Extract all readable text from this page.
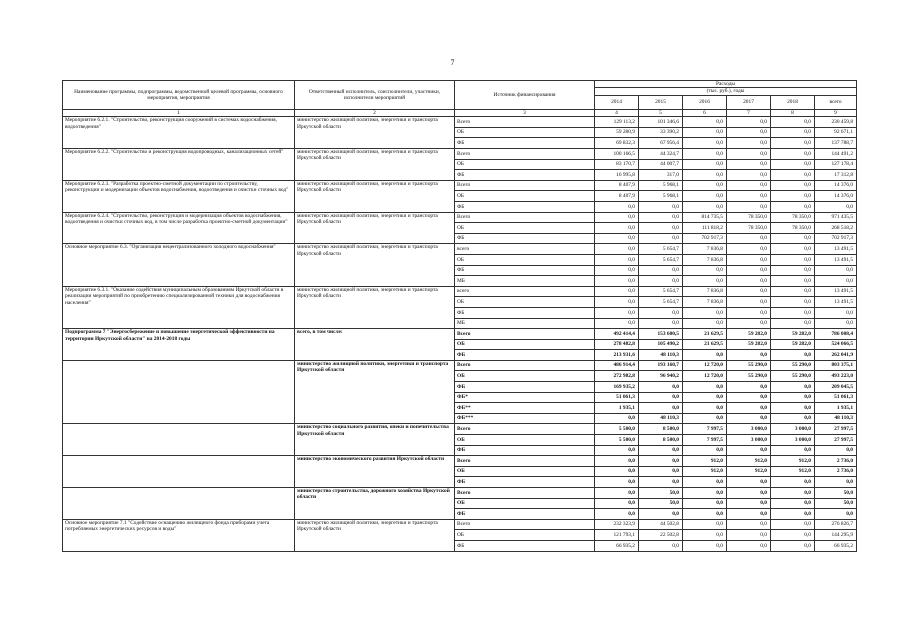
7
Наименование программы, подпрограммы, ведомственной целевой программы, основного мероприятия, мероприятия	Ответственный исполнитель, соисполнители, участники, исполнители мероприятий	Источник финансирования	Расходы					
			(тыс. руб.), годы					
			2014	2015	2016	2017	2018	всего
1	2	3	4	5	6	7	8	9
Мероприятие 6.2.1. "Строительство, реконструкция сооружений в системах водоснабжения, водоотведения"	министерство жилищной политики, энергетики и транспорта Иркутской области	Всего	129 113,2	101 346,6	0,0	0,0	0,0	230 459,8
		ОБ	59 280,9	33 390,2	0,0	0,0	0,0	92 671,1
		ФБ	69 832,3	67 956,4	0,0	0,0	0,0	137 788,7
Мероприятие 6.2.2. "Строительство и реконструкция водопроводных, канализационных сетей"	министерство жилищной политики, энергетики и транспорта Иркутской области	Всего	100 166,5	44 324,7	0,0	0,0	0,0	144 491,2
		ОБ	83 170,7	44 007,7	0,0	0,0	0,0	127 178,4
		ФБ	16 995,8	317,0	0,0	0,0	0,0	17 312,8
Мероприятие 6.2.3. "Разработка проектно-сметной документации по строительству, реконструкции и модернизации объектов водоснабжения, водоотведения и очистки сточных вод"	министерство жилищной политики, энергетики и транспорта Иркутской области	Всего	8 407,9	5 968,1	0,0	0,0	0,0	14 376,0
		ОБ	8 407,9	5 968,1	0,0	0,0	0,0	14 376,0
		ФБ	0,0	0,0	0,0	0,0	0,0	0,0
Мероприятие 6.2.4. "Строительство, реконструкция и модернизация объектов водоснабжения, водоотведения и очистки сточных вод, в том числе разработка проектно-сметной документации"	министерство жилищной политики, энергетики и транспорта Иркутской области	Всего	0,0	0,0	814 735,5	78 350,0	78 350,0	971 435,5
		ОБ	0,0	0,0	111 818,2	78 350,0	78 350,0	268 518,2
		ФБ	0,0	0,0	702 917,3	0,0	0,0	702 917,3
Основное мероприятие 6.3. "Организация нецентрализованного холодного водоснабжения"	министерство жилищной политики, энергетики и транспорта Иркутской области	всего	0,0	5 654,7	7 836,8	0,0	0,0	13 491,5
		ОБ	0,0	5 654,7	7 836,8	0,0	0,0	13 491,5
		ФБ	0,0	0,0	0,0	0,0	0,0	0,0
		МБ	0,0	0,0	0,0	0,0	0,0	0,0
Мероприятие 6.3.1. "Оказание содействия муниципальным образованиям Иркутской области в реализации мероприятий по приобретению специализированной техники для водоснабжения населения"	министерство жилищной политики, энергетики и транспорта Иркутской области	всего	0,0	5 654,7	7 836,8	0,0	0,0	13 491,5
		ОБ	0,0	5 654,7	7 836,8	0,0	0,0	13 491,5
		ФБ	0,0	0,0	0,0	0,0	0,0	0,0
		МБ	0,0	0,0	0,0	0,0	0,0	0,0
Подпрограмма 7 "Энергосбережение и повышение энергетической эффективности на территории Иркутской области" на 2014-2018 годы	всего, в том числе:	Всего	492 414,4	153 600,5	21 629,5	59 282,0	59 282,0	786 008,4
		ОБ	278 482,8	105 490,2	21 629,5	59 282,0	59 282,0	524 066,5
		ФБ	213 931,6	48 110,3	0,0	0,0	0,0	262 041,9
	министерство жилищной политики, энергетики и транспорта Иркутской области	Всего	486 914,4	193 160,7	12 720,0	55 290,0	55 290,0	803 375,1
		ОБ	272 982,8	96 940,2	12 720,0	55 290,0	55 290,0	493 223,0
		ФБ	169 935,2	0,0	0,0	0,0	0,0	209 045,5
		ФБ*	51 061,3	0,0	0,0	0,0	0,0	51 061,3
		ФБ**	1 935,1	0,0	0,0	0,0	0,0	1 935,1
		ФБ***	0,0	48 110,3	0,0	0,0	0,0	48 110,3
	министерство социального развития, опеки и попечительства Иркутской области	Всего	5 500,0	8 500,0	7 997,5	3 000,0	3 000,0	27 997,5
		ОБ	5 500,0	8 500,0	7 997,5	3 000,0	3 000,0	27 997,5
		ФБ	0,0	0,0	0,0	0,0	0,0	0,0
	министерство экономического развития Иркутской области	Всего	0,0	0,0	912,0	912,0	912,0	2 736,0
		ОБ	0,0	0,0	912,0	912,0	912,0	2 736,0
		ФБ	0,0	0,0	0,0	0,0	0,0	0,0
	министерство строительства, дорожного хозяйства Иркутской области	Всего	0,0	50,0	0,0	0,0	0,0	50,0
		ОБ	0,0	50,0	0,0	0,0	0,0	50,0
		ФБ	0,0	0,0	0,0	0,0	0,0	0,0
Основное мероприятие 7.1 "Содействие оснащению жилищного фонда приборами учета потребляемых энергетических ресурсов и воды"	министерство жилищной политики, энергетики и транспорта Иркутской области	Всего	232 323,9	44 502,8	0,0	0,0	0,0	276 826,7
		ОБ	121 793,1	22 502,8	0,0	0,0	0,0	144 295,9
		ФБ	66 935,2	0,0	0,0	0,0	0,0	66 935,2
